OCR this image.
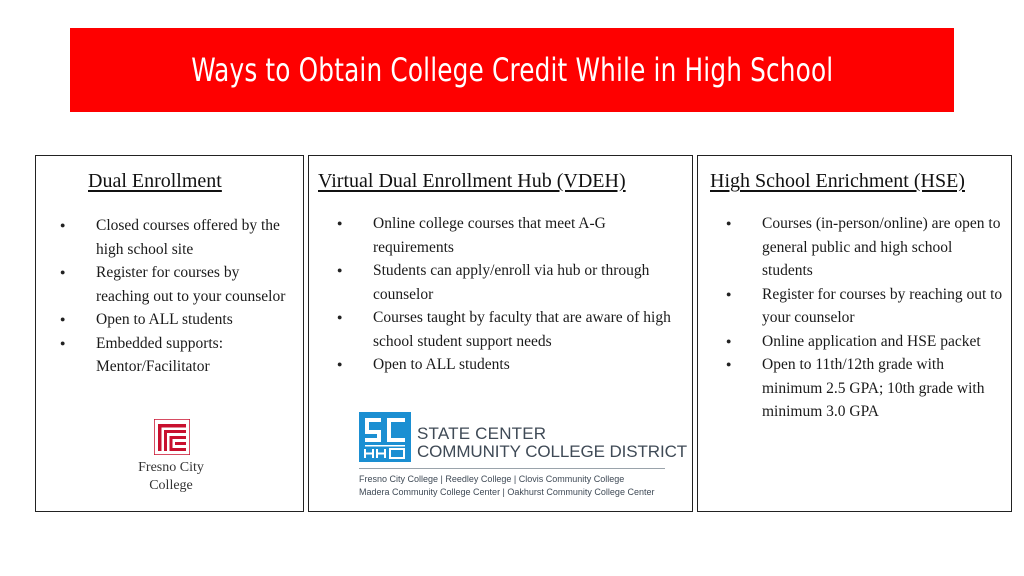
Ways to Obtain College Credit While in High School
Dual Enrollment
● Closed courses offered by the high school site
● Register for courses by reaching out to your counselor
● Open to ALL students
● Embedded supports: Mentor/Facilitator
Fresno City
College
Virtual Dual Enrollment Hub (VDEH)
● Online college courses that meet A-G requirements
● Students can apply/enroll via hub or through counselor
● Courses taught by faculty that are aware of high school student support needs
● Open to ALL students
STATE CENTER
COMMUNITY COLLEGE DISTRICT
Fresno City College | Reedley College | Clovis Community College
Madera Community College Center | Oakhurst Community College Center
High School Enrichment (HSE)
● Courses (in-person/online) are open to general public and high school students
● Register for courses by reaching out to your counselor
● Online application and HSE packet
● Open to 11th/12th grade with minimum 2.5 GPA; 10th grade with minimum 3.0 GPA
